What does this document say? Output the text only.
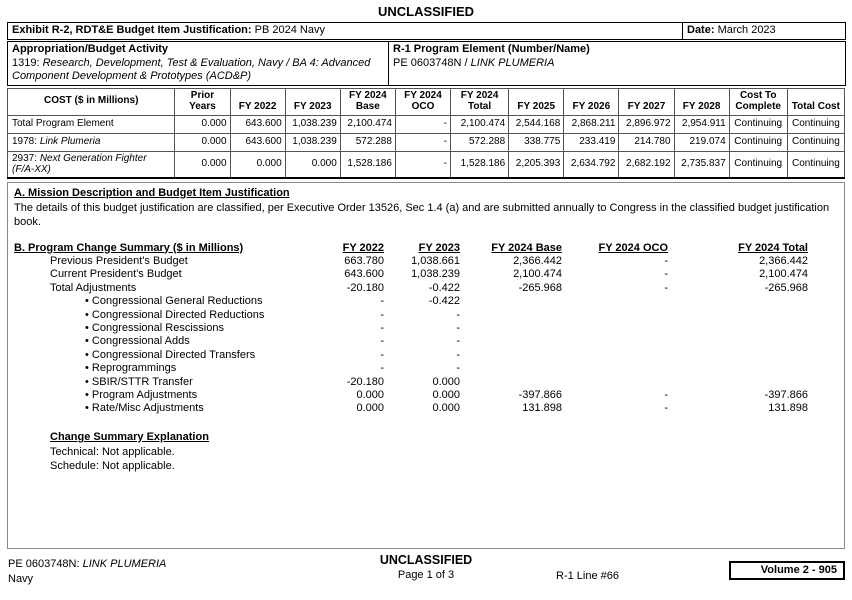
UNCLASSIFIED
Exhibit R-2, RDT&E Budget Item Justification: PB 2024 Navy	Date: March 2023
Appropriation/Budget Activity
1319: Research, Development, Test & Evaluation, Navy / BA 4: Advanced Component Development & Prototypes (ACD&P)

R-1 Program Element (Number/Name)
PE 0603748N / LINK PLUMERIA
COST ($ in Millions)	Prior Years	FY 2022	FY 2023	FY 2024 Base	FY 2024 OCO	FY 2024 Total	FY 2025	FY 2026	FY 2027	FY 2028	Cost To Complete	Total Cost
Total Program Element	0.000	643.600	1,038.239	2,100.474	-	2,100.474	2,544.168	2,868.211	2,896.972	2,954.911	Continuing	Continuing
1978: Link Plumeria	0.000	643.600	1,038.239	572.288	-	572.288	338.775	233.419	214.780	219.074	Continuing	Continuing
2937: Next Generation Fighter (F/A-XX)	0.000	0.000	0.000	1,528.186	-	1,528.186	2,205.393	2,634.792	2,682.192	2,735.837	Continuing	Continuing
A. Mission Description and Budget Item Justification
The details of this budget justification are classified, per Executive Order 13526, Sec 1.4 (a) and are submitted annually to Congress in the classified budget justification book.
B. Program Change Summary ($ in Millions)	FY 2022	FY 2023	FY 2024 Base	FY 2024 OCO	FY 2024 Total
Previous President's Budget	663.780	1,038.661	2,366.442	-	2,366.442
Current President's Budget	643.600	1,038.239	2,100.474	-	2,100.474
Total Adjustments	-20.180	-0.422	-265.968	-	-265.968
• Congressional General Reductions	-	-0.422			
• Congressional Directed Reductions	-	-			
• Congressional Rescissions	-	-			
• Congressional Adds	-	-			
• Congressional Directed Transfers	-	-			
• Reprogrammings	-	-			
• SBIR/STTR Transfer	-20.180	0.000			
• Program Adjustments	0.000	0.000	-397.866	-	-397.866
• Rate/Misc Adjustments	0.000	0.000	131.898	-	131.898
Change Summary Explanation
Technical: Not applicable.
Schedule: Not applicable.
PE 0603748N: LINK PLUMERIA
Navy
UNCLASSIFIED
Page 1 of 3	R-1 Line #66	Volume 2 - 905
